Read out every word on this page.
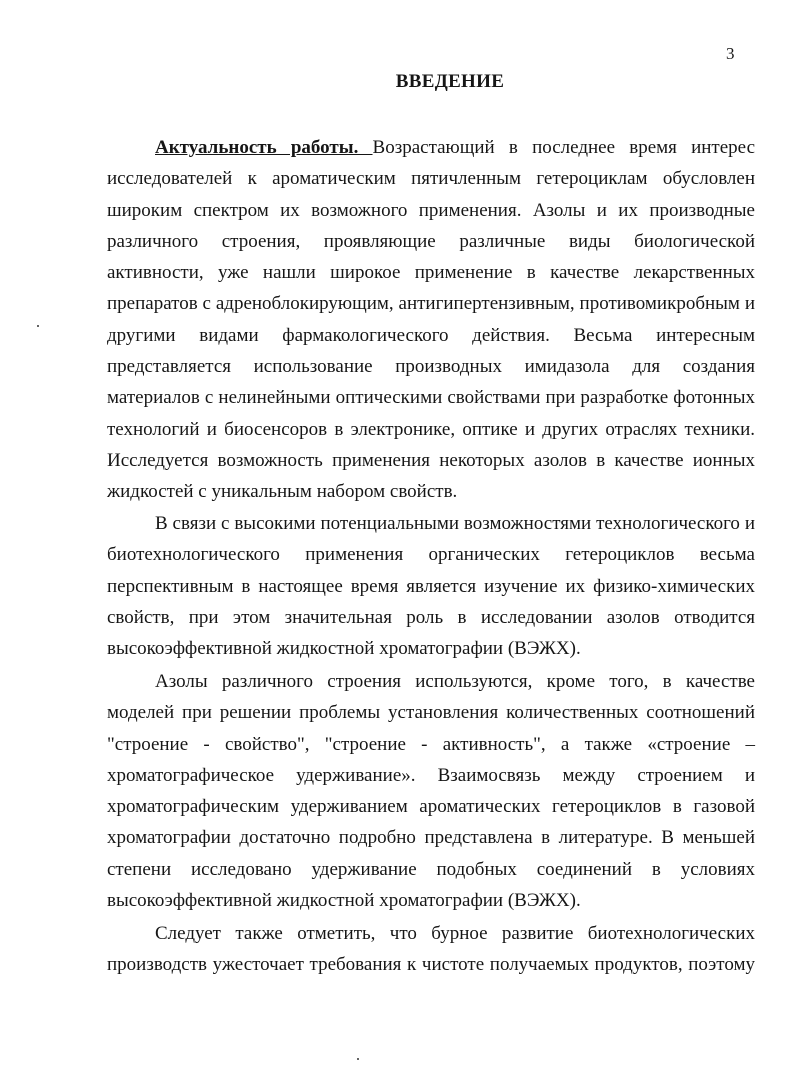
3
ВВЕДЕНИЕ
Актуальность работы. Возрастающий в последнее время интерес
исследователей к ароматическим пятичленным гетероциклам обусловлен
широким спектром их возможного применения. Азолы и их производные
различного строения, проявляющие различные виды биологической
активности, уже нашли широкое применение в качестве лекарственных
препаратов с адреноблокирующим, антигипертензивным, противомикробным и
другими видами фармакологического действия. Весьма интересным
представляется использование производных имидазола для создания
материалов с нелинейными оптическими свойствами при разработке фотонных
технологий и биосенсоров в электронике, оптике и других отраслях техники.
Исследуется возможность применения некоторых азолов в качестве ионных
жидкостей с уникальным набором свойств.
В связи с высокими потенциальными возможностями технологического и
биотехнологического применения органических гетероциклов весьма
перспективным в настоящее время является изучение их физико-химических
свойств, при этом значительная роль в исследовании азолов отводится
высокоэффективной жидкостной хроматографии (ВЭЖХ).
Азолы различного строения используются, кроме того, в качестве
моделей при решении проблемы установления количественных соотношений
"строение - свойство", "строение - активность", а также «строение –
хроматографическое удерживание». Взаимосвязь между строением и
хроматографическим удерживанием ароматических гетероциклов в газовой
хроматографии достаточно подробно представлена в литературе. В меньшей
степени исследовано удерживание подобных соединений в условиях
высокоэффективной жидкостной хроматографии (ВЭЖХ).
Следует также отметить, что бурное развитие биотехнологических
производств ужесточает требования к чистоте получаемых продуктов, поэтому
